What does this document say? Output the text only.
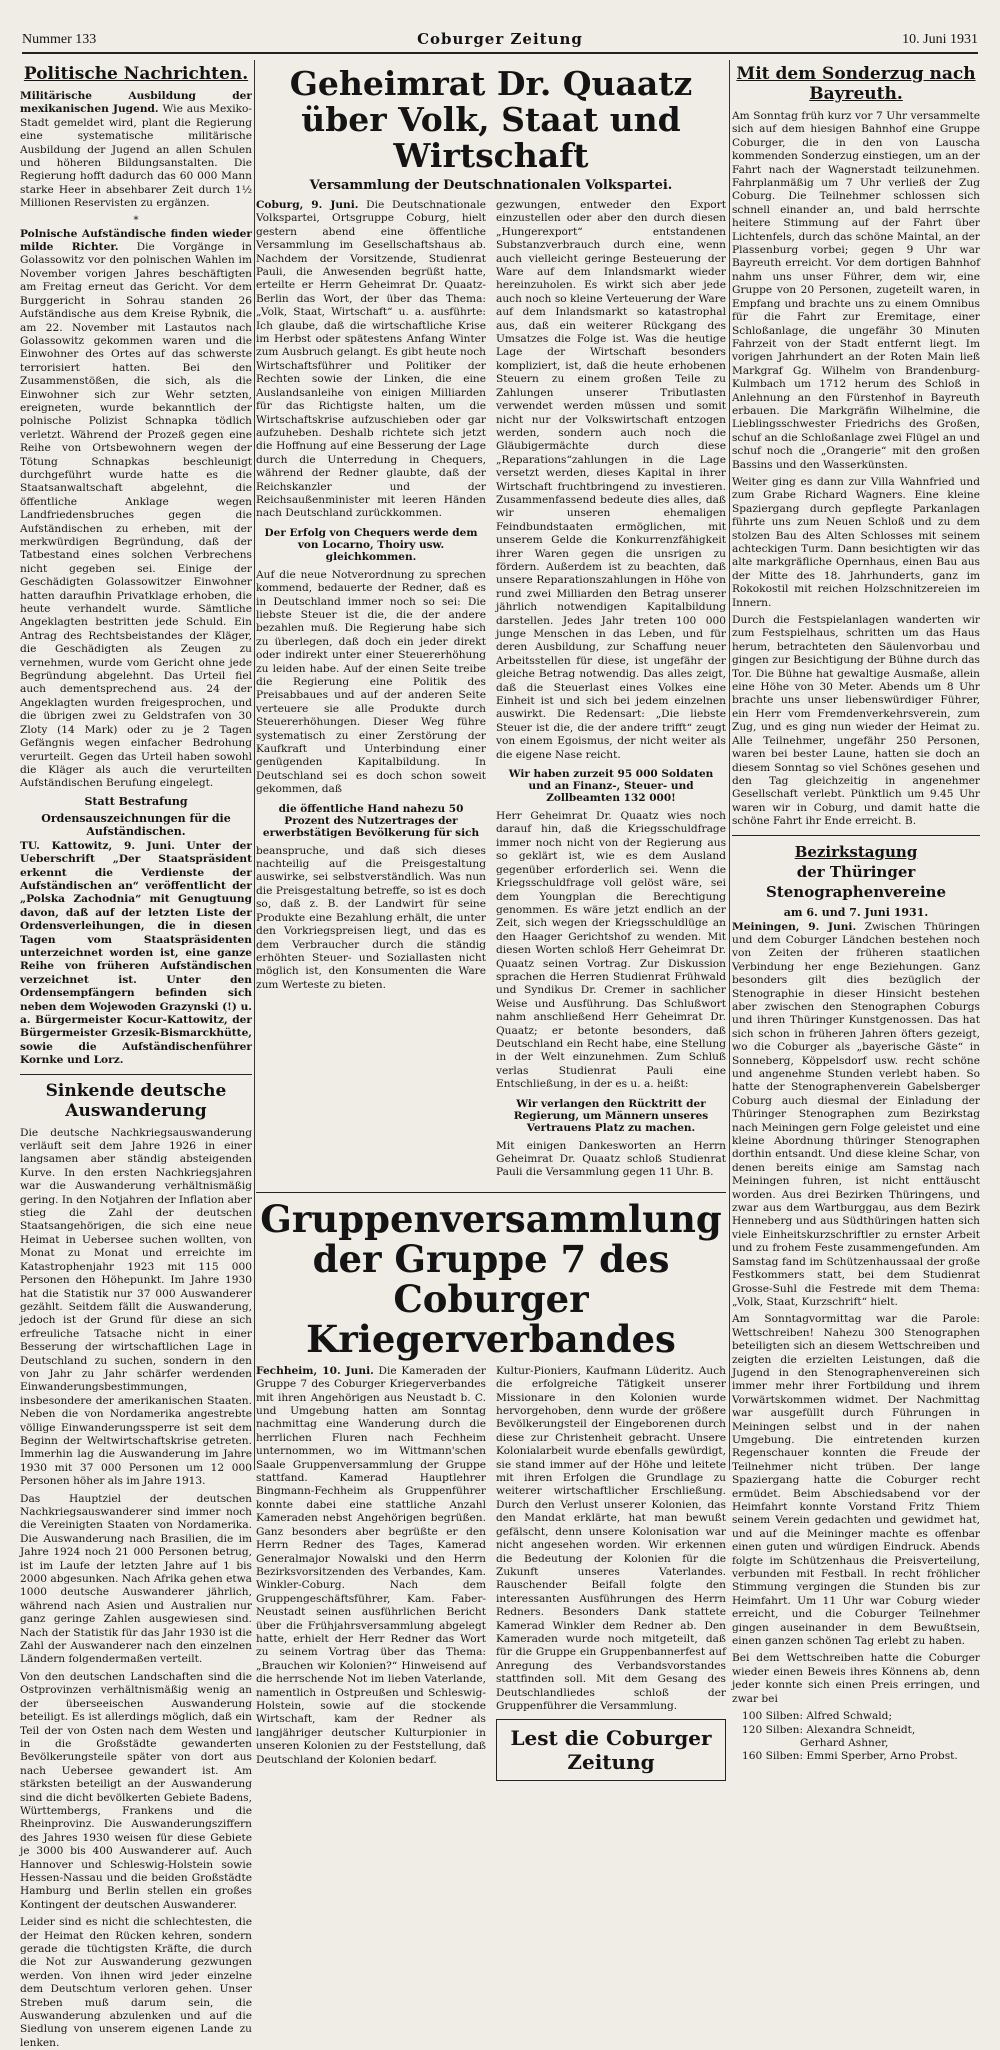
Nummer 133	Coburger Zeitung	10. Juni 1931
Politische Nachrichten.

Militärische Ausbildung der mexikanischen Jugend. Wie aus Mexiko-Stadt gemeldet wird, plant die Regierung eine systematische militärische Ausbildung der Jugend an allen Schulen und höheren Bildungsanstalten. Die Regierung hofft dadurch das 60 000 Mann starke Heer in absehbarer Zeit durch 1½ Millionen Reservisten zu ergänzen.

*

Polnische Aufständische finden wieder milde Richter. Die Vorgänge in Golassowitz vor den polnischen Wahlen im November vorigen Jahres beschäftigten am Freitag erneut das Gericht. Vor dem Burggericht in Sohrau standen 26 Aufständische aus dem Kreise Rybnik, die am 22. November mit Lastautos nach Golassowitz gekommen waren und die Einwohner des Ortes auf das schwerste terrorisiert hatten. Bei den Zusammenstößen, die sich, als die Einwohner sich zur Wehr setzten, ereigneten, wurde bekanntlich der polnische Polizist Schnapka tödlich verletzt. Während der Prozeß gegen eine Reihe von Ortsbewohnern wegen der Tötung Schnapkas beschleunigt durchgeführt wurde hatte es die Staatsanwaltschaft abgelehnt, die öffentliche Anklage wegen Landfriedensbruches gegen die Aufständischen zu erheben, mit der merkwürdigen Begründung, daß der Tatbestand eines solchen Verbrechens nicht gegeben sei. Einige der Geschädigten Golassowitzer Einwohner hatten daraufhin Privatklage erhoben, die heute verhandelt wurde. Sämtliche Angeklagten bestritten jede Schuld. Ein Antrag des Rechtsbeistandes der Kläger, die Geschädigten als Zeugen zu vernehmen, wurde vom Gericht ohne jede Begründung abgelehnt. Das Urteil fiel auch dementsprechend aus. 24 der Angeklagten wurden freigesprochen, und die übrigen zwei zu Geldstrafen von 30 Zloty (14 Mark) oder zu je 2 Tagen Gefängnis wegen einfacher Bedrohung verurteilt. Gegen das Urteil haben sowohl die Kläger als auch die verurteilten Aufständischen Berufung eingelegt.

Statt Bestrafung
Ordensauszeichnungen für die Aufständischen.

TU. Kattowitz, 9. Juni. Unter der Ueberschrift „Der Staatspräsident erkennt die Verdienste der Aufständischen an“ veröffentlicht der „Polska Zachodnia“ mit Genugtuung davon, daß auf der letzten Liste der Ordensverleihungen, die in diesen Tagen vom Staatspräsidenten unterzeichnet worden ist, eine ganze Reihe von früheren Aufständischen verzeichnet ist. Unter den Ordensempfängern befinden sich neben dem Wojewoden Grazynski (!) u. a. Bürgermeister Kocur-Kattowitz, der Bürgermeister Grzesik-Bismarckhütte, sowie die Aufständischenführer Kornke und Lorz.

Sinkende deutsche Auswanderung

Die deutsche Nachkriegsauswanderung verläuft seit dem Jahre 1926 in einer langsamen aber ständig absteigenden Kurve. In den ersten Nachkriegsjahren war die Auswanderung verhältnismäßig gering. In den Notjahren der Inflation aber stieg die Zahl der deutschen Staatsangehörigen, die sich eine neue Heimat in Uebersee suchen wollten, von Monat zu Monat und erreichte im Katastrophenjahr 1923 mit 115 000 Personen den Höhepunkt. Im Jahre 1930 hat die Statistik nur 37 000 Auswanderer gezählt. Seitdem fällt die Auswanderung, jedoch ist der Grund für diese an sich erfreuliche Tatsache nicht in einer Besserung der wirtschaftlichen Lage in Deutschland zu suchen, sondern in den von Jahr zu Jahr schärfer werdenden Einwanderungsbestimmungen, insbesondere der amerikanischen Staaten. Neben die von Nordamerika angestrebte völlige Einwanderungssperre ist seit dem Beginn der Weltwirtschaftskrise getreten. Immerhin lag die Auswanderung im Jahre 1930 mit 37 000 Personen um 12 000 Personen höher als im Jahre 1913.

Das Hauptziel der deutschen Nachkriegsauswanderer sind immer noch die Vereinigten Staaten von Nordamerika. Die Auswanderung nach Brasilien, die im Jahre 1924 noch 21 000 Personen betrug, ist im Laufe der letzten Jahre auf 1 bis 2000 abgesunken. Nach Afrika gehen etwa 1000 deutsche Auswanderer jährlich, während nach Asien und Australien nur ganz geringe Zahlen ausgewiesen sind. Nach der Statistik für das Jahr 1930 ist die Zahl der Auswanderer nach den einzelnen Ländern folgendermaßen verteilt.

Von den deutschen Landschaften sind die Ostprovinzen verhältnismäßig wenig an der überseeischen Auswanderung beteiligt. Es ist allerdings möglich, daß ein Teil der von Osten nach dem Westen und in die Großstädte gewanderten Bevölkerungsteile später von dort aus nach Uebersee gewandert ist. Am stärksten beteiligt an der Auswanderung sind die dicht bevölkerten Gebiete Badens, Württembergs, Frankens und die Rheinprovinz. Die Auswanderungsziffern des Jahres 1930 weisen für diese Gebiete je 3000 bis 400 Auswanderer auf. Auch Hannover und Schleswig-Holstein sowie Hessen-Nassau und die beiden Großstädte Hamburg und Berlin stellen ein großes Kontingent der deutschen Auswanderer.

Leider sind es nicht die schlechtesten, die der Heimat den Rücken kehren, sondern gerade die tüchtigsten Kräfte, die durch die Not zur Auswanderung gezwungen werden. Von ihnen wird jeder einzelne dem Deutschtum verloren gehen. Unser Streben muß darum sein, die Auswanderung abzulenken und auf die Siedlung von unserem eigenen Lande zu lenken.

Geheimrat Dr. Quaatz über Volk, Staat und Wirtschaft
Versammlung der Deutschnationalen Volkspartei.

Coburg, 9. Juni. Die Deutschnationale Volkspartei, Ortsgruppe Coburg, hielt gestern abend eine öffentliche Versammlung im Gesellschaftshaus ab. Nachdem der Vorsitzende, Studienrat Pauli, die Anwesenden begrüßt hatte, erteilte er Herrn Geheimrat Dr. Quaatz-Berlin das Wort, der über das Thema: „Volk, Staat, Wirtschaft“ u. a. ausführte: Ich glaube, daß die wirtschaftliche Krise im Herbst oder spätestens Anfang Winter zum Ausbruch gelangt. Es gibt heute noch Wirtschaftsführer und Politiker der Rechten sowie der Linken, die eine Auslandsanleihe von einigen Milliarden für das Richtigste halten, um die Wirtschaftskrise aufzuschieben oder gar aufzuheben. Deshalb richtete sich jetzt die Hoffnung auf eine Besserung der Lage durch die Unterredung in Chequers, während der Redner glaubte, daß der Reichskanzler und der Reichsaußenminister mit leeren Händen nach Deutschland zurückkommen.

Der Erfolg von Chequers werde dem von Locarno, Thoiry usw. gleichkommen.

Auf die neue Notverordnung zu sprechen kommend, bedauerte der Redner, daß es in Deutschland immer noch so sei: Die liebste Steuer ist die, die der andere bezahlen muß. Die Regierung habe sich zu überlegen, daß doch ein jeder direkt oder indirekt unter einer Steuererhöhung zu leiden habe. Auf der einen Seite treibe die Regierung eine Politik des Preisabbaues und auf der anderen Seite verteuere sie alle Produkte durch Steuererhöhungen. Dieser Weg führe systematisch zu einer Zerstörung der Kaufkraft und Unterbindung einer genügenden Kapitalbildung. In Deutschland sei es doch schon soweit gekommen, daß

die öffentliche Hand nahezu 50 Prozent des Nutzertrages der erwerbstätigen Bevölkerung für sich

beanspruche, und daß sich dieses nachteilig auf die Preisgestaltung auswirke, sei selbstverständlich. Was nun die Preisgestaltung betreffe, so ist es doch so, daß z. B. der Landwirt für seine Produkte eine Bezahlung erhält, die unter den Vorkriegspreisen liegt, und das es dem Verbraucher durch die ständig erhöhten Steuer- und Soziallasten nicht möglich ist, den Konsumenten die Ware zum Werteste zu bieten.

gezwungen, entweder den Export einzustellen oder aber den durch diesen „Hungerexport“ entstandenen Substanzverbrauch durch eine, wenn auch vielleicht geringe Besteuerung der Ware auf dem Inlandsmarkt wieder hereinzuholen. Es wirkt sich aber jede auch noch so kleine Verteuerung der Ware auf dem Inlandsmarkt so katastrophal aus, daß ein weiterer Rückgang des Umsatzes die Folge ist. Was die heutige Lage der Wirtschaft besonders kompliziert, ist, daß die heute erhobenen Steuern zu einem großen Teile zu Zahlungen unserer Tributlasten verwendet werden müssen und somit nicht nur der Volkswirtschaft entzogen werden, sondern auch noch die Gläubigermächte durch diese „Reparations“zahlungen in die Lage versetzt werden, dieses Kapital in ihrer Wirtschaft fruchtbringend zu investieren. Zusammenfassend bedeute dies alles, daß wir unseren ehemaligen Feindbundstaaten ermöglichen, mit unserem Gelde die Konkurrenzfähigkeit ihrer Waren gegen die unsrigen zu fördern. Außerdem ist zu beachten, daß unsere Reparationszahlungen in Höhe von rund zwei Milliarden den Betrag unserer jährlich notwendigen Kapitalbildung darstellen. Jedes Jahr treten 100 000 junge Menschen in das Leben, und für deren Ausbildung, zur Schaffung neuer Arbeitsstellen für diese, ist ungefähr der gleiche Betrag notwendig. Das alles zeigt, daß die Steuerlast eines Volkes eine Einheit ist und sich bei jedem einzelnen auswirkt. Die Redensart: „Die liebste Steuer ist die, die der andere trifft“ zeugt von einem Egoismus, der nicht weiter als die eigene Nase reicht.

Wir haben zurzeit 95 000 Soldaten und an Finanz-, Steuer- und Zollbeamten 132 000!

Herr Geheimrat Dr. Quaatz wies noch darauf hin, daß die Kriegsschuldfrage immer noch nicht von der Regierung aus so geklärt ist, wie es dem Ausland gegenüber erforderlich sei. Wenn die Kriegsschuldfrage voll gelöst wäre, sei dem Youngplan die Berechtigung genommen. Es wäre jetzt endlich an der Zeit, sich wegen der Kriegsschuldlüge an den Haager Gerichtshof zu wenden. Mit diesen Worten schloß Herr Geheimrat Dr. Quaatz seinen Vortrag. Zur Diskussion sprachen die Herren Studienrat Frühwald und Syndikus Dr. Cremer in sachlicher Weise und Ausführung. Das Schlußwort nahm anschließend Herr Geheimrat Dr. Quaatz; er betonte besonders, daß Deutschland ein Recht habe, eine Stellung in der Welt einzunehmen. Zum Schluß verlas Studienrat Pauli eine Entschließung, in der es u. a. heißt:

Wir verlangen den Rücktritt der Regierung, um Männern unseres Vertrauens Platz zu machen.

Mit einigen Dankesworten an Herrn Geheimrat Dr. Quaatz schloß Studienrat Pauli die Versammlung gegen 11 Uhr. B.

Gruppenversammlung der Gruppe 7 des Coburger Kriegerverbandes

Fechheim, 10. Juni. Die Kameraden der Gruppe 7 des Coburger Kriegerverbandes mit ihren Angehörigen aus Neustadt b. C. und Umgebung hatten am Sonntag nachmittag eine Wanderung durch die herrlichen Fluren nach Fechheim unternommen, wo im Wittmann'schen Saale Gruppenversammlung der Gruppe stattfand. Kamerad Hauptlehrer Bingmann-Fechheim als Gruppenführer konnte dabei eine stattliche Anzahl Kameraden nebst Angehörigen begrüßen. Ganz besonders aber begrüßte er den Herrn Redner des Tages, Kamerad Generalmajor Nowalski und den Herrn Bezirksvorsitzenden des Verbandes, Kam. Winkler-Coburg. Nach dem Gruppengeschäftsführer, Kam. Faber-Neustadt seinen ausführlichen Bericht über die Frühjahrsversammlung abgelegt hatte, erhielt der Herr Redner das Wort zu seinem Vortrag über das Thema: „Brauchen wir Kolonien?“ Hinweisend auf die herrschende Not im lieben Vaterlande, namentlich in Ostpreußen und Schleswig-Holstein, sowie auf die stockende Wirtschaft, kam der Redner als langjähriger deutscher Kulturpionier in unseren Kolonien zu der Feststellung, daß Deutschland der Kolonien bedarf.

Kultur-Pioniers, Kaufmann Lüderitz. Auch die erfolgreiche Tätigkeit unserer Missionare in den Kolonien wurde hervorgehoben, denn wurde der größere Bevölkerungsteil der Eingeborenen durch diese zur Christenheit gebracht. Unsere Kolonialarbeit wurde ebenfalls gewürdigt, sie stand immer auf der Höhe und leitete mit ihren Erfolgen die Grundlage zu weiterer wirtschaftlicher Erschließung. Durch den Verlust unserer Kolonien, das den Mandat erklärte, hat man bewußt gefälscht, denn unsere Kolonisation war nicht angesehen worden. Wir erkennen die Bedeutung der Kolonien für die Zukunft unseres Vaterlandes. Rauschender Beifall folgte den interessanten Ausführungen des Herrn Redners. Besonders Dank stattete Kamerad Winkler dem Redner ab. Den Kameraden wurde noch mitgeteilt, daß für die Gruppe ein Gruppenbannerfest auf Anregung des Verbandsvorstandes stattfinden soll. Mit dem Gesang des Deutschlandliedes schloß der Gruppenführer die Versammlung.

Lest die Coburger Zeitung
Mit dem Sonderzug nach Bayreuth.

Am Sonntag früh kurz vor 7 Uhr versammelte sich auf dem hiesigen Bahnhof eine Gruppe Coburger, die in den von Lauscha kommenden Sonderzug einstiegen, um an der Fahrt nach der Wagnerstadt teilzunehmen. Fahrplanmäßig um 7 Uhr verließ der Zug Coburg. Die Teilnehmer schlossen sich schnell einander an, und bald herrschte heitere Stimmung auf der Fahrt über Lichtenfels, durch das schöne Maintal, an der Plassenburg vorbei; gegen 9 Uhr war Bayreuth erreicht. Vor dem dortigen Bahnhof nahm uns unser Führer, dem wir, eine Gruppe von 20 Personen, zugeteilt waren, in Empfang und brachte uns zu einem Omnibus für die Fahrt zur Eremitage, einer Schloßanlage, die ungefähr 30 Minuten Fahrzeit von der Stadt entfernt liegt. Im vorigen Jahrhundert an der Roten Main ließ Markgraf Gg. Wilhelm von Brandenburg-Kulmbach um 1712 herum des Schloß in Anlehnung an den Fürstenhof in Bayreuth erbauen. Die Markgräfin Wilhelmine, die Lieblingsschwester Friedrichs des Großen, schuf an die Schloßanlage zwei Flügel an und schuf noch die „Orangerie“ mit den großen Bassins und den Wasserkünsten.

Weiter ging es dann zur Villa Wahnfried und zum Grabe Richard Wagners. Eine kleine Spaziergang durch gepflegte Parkanlagen führte uns zum Neuen Schloß und zu dem stolzen Bau des Alten Schlosses mit seinem achteckigen Turm. Dann besichtigten wir das alte markgräfliche Opernhaus, einen Bau aus der Mitte des 18. Jahrhunderts, ganz im Rokokostil mit reichen Holzschnitzereien im Innern.

Durch die Festspielanlagen wanderten wir zum Festspielhaus, schritten um das Haus herum, betrachteten den Säulenvorbau und gingen zur Besichtigung der Bühne durch das Tor. Die Bühne hat gewaltige Ausmaße, allein eine Höhe von 30 Meter. Abends um 8 Uhr brachte uns unser liebenswürdiger Führer, ein Herr vom Fremdenverkehrsverein, zum Zug, und es ging nun wieder der Heimat zu. Alle Teilnehmer, ungefähr 250 Personen, waren bei bester Laune, hatten sie doch an diesem Sonntag so viel Schönes gesehen und den Tag gleichzeitig in angenehmer Gesellschaft verlebt. Pünktlich um 9.45 Uhr waren wir in Coburg, und damit hatte die schöne Fahrt ihr Ende erreicht. B.

Bezirkstagung
der Thüringer Stenographenvereine
am 6. und 7. Juni 1931.

Meiningen, 9. Juni. Zwischen Thüringen und dem Coburger Ländchen bestehen noch von Zeiten der früheren staatlichen Verbindung her enge Beziehungen. Ganz besonders gilt dies bezüglich der Stenographie in dieser Hinsicht bestehen aber zwischen den Stenographen Coburgs und ihren Thüringer Kunstgenossen. Das hat sich schon in früheren Jahren öfters gezeigt, wo die Coburger als „bayerische Gäste“ in Sonneberg, Köppelsdorf usw. recht schöne und angenehme Stunden verlebt haben. So hatte der Stenographenverein Gabelsberger Coburg auch diesmal der Einladung der Thüringer Stenographen zum Bezirkstag nach Meiningen gern Folge geleistet und eine kleine Abordnung thüringer Stenographen dorthin entsandt. Und diese kleine Schar, von denen bereits einige am Samstag nach Meiningen fuhren, ist nicht enttäuscht worden. Aus drei Bezirken Thüringens, und zwar aus dem Wartburggau, aus dem Bezirk Henneberg und aus Südthüringen hatten sich viele Einheitskurzschriftler zu ernster Arbeit und zu frohem Feste zusammengefunden. Am Samstag fand im Schützenhaussaal der große Festkommers statt, bei dem Studienrat Grosse-Suhl die Festrede mit dem Thema: „Volk, Staat, Kurzschrift“ hielt.

Am Sonntagvormittag war die Parole: Wettschreiben! Nahezu 300 Stenographen beteiligten sich an diesem Wettschreiben und zeigten die erzielten Leistungen, daß die Jugend in den Stenographenvereinen sich immer mehr ihrer Fortbildung und ihrem Vorwärtskommen widmet. Der Nachmittag war ausgefüllt durch Führungen in Meiningen selbst und in der nahen Umgebung. Die eintretenden kurzen Regenschauer konnten die Freude der Teilnehmer nicht trüben. Der lange Spaziergang hatte die Coburger recht ermüdet. Beim Abschiedsabend vor der Heimfahrt konnte Vorstand Fritz Thiem seinem Verein gedachten und gewidmet hat, und auf die Meininger machte es offenbar einen guten und würdigen Eindruck. Abends folgte im Schützenhaus die Preisverteilung, verbunden mit Festball. In recht fröhlicher Stimmung vergingen die Stunden bis zur Heimfahrt. Um 11 Uhr war Coburg wieder erreicht, und die Coburger Teilnehmer gingen auseinander in dem Bewußtsein, einen ganzen schönen Tag erlebt zu haben.

Bei dem Wettschreiben hatte die Coburger wieder einen Beweis ihres Könnens ab, denn jeder konnte sich einen Preis erringen, und zwar bei

100 Silben: Alfred Schwald;
120 Silben: Alexandra Schneidt,
Gerhard Ashner,
160 Silben: Emmi Sperber, Arno Probst.
